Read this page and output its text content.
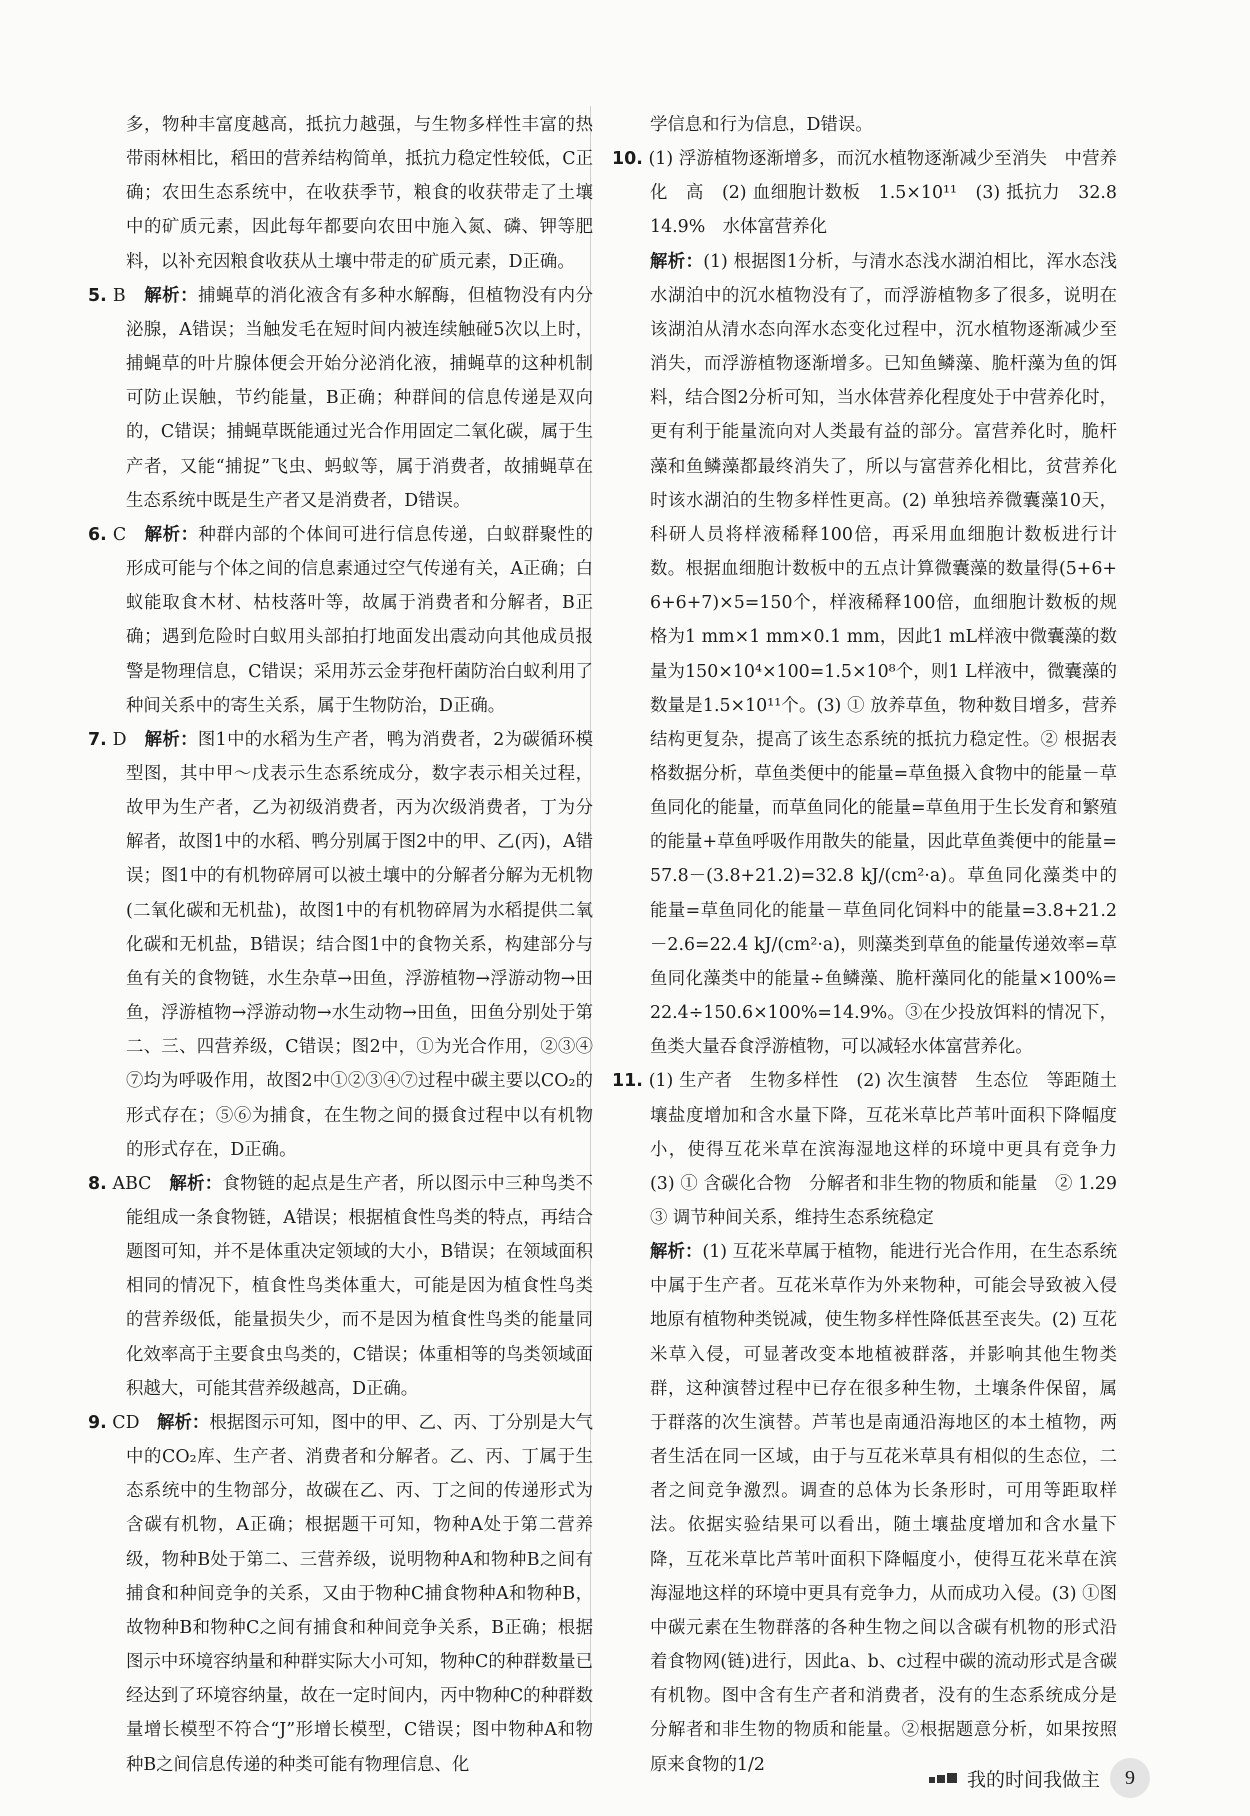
多，物种丰富度越高，抵抗力越强，与生物多样性丰富的热带雨林相比，稻田的营养结构简单，抵抗力稳定性较低，C正确；农田生态系统中，在收获季节，粮食的收获带走了土壤中的矿质元素，因此每年都要向农田中施入氮、磷、钾等肥料，以补充因粮食收获从土壤中带走的矿质元素，D正确。

5. B　 解析：捕蝇草的消化液含有多种水解酶，但植物没有内分泌腺，A错误；当触发毛在短时间内被连续触碰5次以上时，捕蝇草的叶片腺体便会开始分泌消化液，捕蝇草的这种机制可防止误触，节约能量，B正确；种群间的信息传递是双向的，C错误；捕蝇草既能通过光合作用固定二氧化碳，属于生产者，又能“捕捉”飞虫、蚂蚁等，属于消费者，故捕蝇草在生态系统中既是生产者又是消费者，D错误。

6. C　 解析：种群内部的个体间可进行信息传递，白蚁群聚性的形成可能与个体之间的信息素通过空气传递有关，A正确；白蚁能取食木材、枯枝落叶等，故属于消费者和分解者，B正确；遇到危险时白蚁用头部拍打地面发出震动向其他成员报警是物理信息，C错误；采用苏云金芽孢杆菌防治白蚁利用了种间关系中的寄生关系，属于生物防治，D正确。

7. D　 解析：图1中的水稻为生产者，鸭为消费者，2为碳循环模型图，其中甲～戊表示生态系统成分，数字表示相关过程，故甲为生产者，乙为初级消费者，丙为次级消费者，丁为分解者，故图1中的水稻、鸭分别属于图2中的甲、乙(丙)，A错误；图1中的有机物碎屑可以被土壤中的分解者分解为无机物(二氧化碳和无机盐)，故图1中的有机物碎屑为水稻提供二氧化碳和无机盐，B错误；结合图1中的食物关系，构建部分与鱼有关的食物链，水生杂草→田鱼，浮游植物→浮游动物→田鱼，浮游植物→浮游动物→水生动物→田鱼，田鱼分别处于第二、三、四营养级，C错误；图2中，①为光合作用，②③④⑦均为呼吸作用，故图2中①②③④⑦过程中碳主要以CO₂的形式存在；⑤⑥为捕食，在生物之间的摄食过程中以有机物的形式存在，D正确。

8. ABC　 解析：食物链的起点是生产者，所以图示中三种鸟类不能组成一条食物链，A错误；根据植食性鸟类的特点，再结合题图可知，并不是体重决定领域的大小，B错误；在领域面积相同的情况下，植食性鸟类体重大，可能是因为植食性鸟类的营养级低，能量损失少，而不是因为植食性鸟类的能量同化效率高于主要食虫鸟类的，C错误；体重相等的鸟类领域面积越大，可能其营养级越高，D正确。

9. CD　 解析：根据图示可知，图中的甲、乙、丙、丁分别是大气中的CO₂库、生产者、消费者和分解者。乙、丙、丁属于生态系统中的生物部分，故碳在乙、丙、丁之间的传递形式为含碳有机物，A正确；根据题干可知，物种A处于第二营养级，物种B处于第二、三营养级，说明物种A和物种B之间有捕食和种间竞争的关系，又由于物种C捕食物种A和物种B，故物种B和物种C之间有捕食和种间竞争关系，B正确；根据图示中环境容纳量和种群实际大小可知，物种C的种群数量已经达到了环境容纳量，故在一定时间内，丙中物种C的种群数量增长模型不符合“J”形增长模型，C错误；图中物种A和物种B之间信息传递的种类可能有物理信息、化

学信息和行为信息，D错误。

10. (1) 浮游植物逐渐增多，而沉水植物逐渐减少至消失　中营养化　高　(2) 血细胞计数板　1.5×10¹¹　(3) 抵抗力　32.8　14.9%　水体富营养化

解析：(1) 根据图1分析，与清水态浅水湖泊相比，浑水态浅水湖泊中的沉水植物没有了，而浮游植物多了很多，说明在该湖泊从清水态向浑水态变化过程中，沉水植物逐渐减少至消失，而浮游植物逐渐增多。已知鱼鳞藻、脆杆藻为鱼的饵料，结合图2分析可知，当水体营养化程度处于中营养化时，更有利于能量流向对人类最有益的部分。富营养化时，脆杆藻和鱼鳞藻都最终消失了，所以与富营养化相比，贫营养化时该水湖泊的生物多样性更高。(2) 单独培养微囊藻10天，科研人员将样液稀释100倍，再采用血细胞计数板进行计数。根据血细胞计数板中的五点计算微囊藻的数量得(5+6+6+6+7)×5=150个，样液稀释100倍，血细胞计数板的规格为1 mm×1 mm×0.1 mm，因此1 mL样液中微囊藻的数量为150×10⁴×100=1.5×10⁸个，则1 L样液中，微囊藻的数量是1.5×10¹¹个。(3) ① 放养草鱼，物种数目增多，营养结构更复杂，提高了该生态系统的抵抗力稳定性。② 根据表格数据分析，草鱼类便中的能量=草鱼摄入食物中的能量－草鱼同化的能量，而草鱼同化的能量=草鱼用于生长发育和繁殖的能量+草鱼呼吸作用散失的能量，因此草鱼粪便中的能量=57.8－(3.8+21.2)=32.8 kJ/(cm²·a)。草鱼同化藻类中的能量=草鱼同化的能量－草鱼同化饲料中的能量=3.8+21.2－2.6=22.4 kJ/(cm²·a)，则藻类到草鱼的能量传递效率=草鱼同化藻类中的能量÷鱼鳞藻、脆杆藻同化的能量×100%=22.4÷150.6×100%=14.9%。③在少投放饵料的情况下，鱼类大量吞食浮游植物，可以减轻水体富营养化。

11. (1) 生产者　生物多样性　(2) 次生演替　生态位　等距随土壤盐度增加和含水量下降，互花米草比芦苇叶面积下降幅度小，使得互花米草在滨海湿地这样的环境中更具有竞争力　(3) ① 含碳化合物　分解者和非生物的物质和能量　② 1.29　③ 调节种间关系，维持生态系统稳定

解析：(1) 互花米草属于植物，能进行光合作用，在生态系统中属于生产者。互花米草作为外来物种，可能会导致被入侵地原有植物种类锐减，使生物多样性降低甚至丧失。(2) 互花米草入侵，可显著改变本地植被群落，并影响其他生物类群，这种演替过程中已存在很多种生物，土壤条件保留，属于群落的次生演替。芦苇也是南通沿海地区的本土植物，两者生活在同一区域，由于与互花米草具有相似的生态位，二者之间竞争激烈。调查的总体为长条形时，可用等距取样法。依据实验结果可以看出，随土壤盐度增加和含水量下降，互花米草比芦苇叶面积下降幅度小，使得互花米草在滨海湿地这样的环境中更具有竞争力，从而成功入侵。(3) ①图中碳元素在生物群落的各种生物之间以含碳有机物的形式沿着食物网(链)进行，因此a、b、c过程中碳的流动形式是含碳有机物。图中含有生产者和消费者，没有的生态系统成分是分解者和非生物的物质和能量。②根据题意分析，如果按照原来食物的1/2

我的时间我做主	9
